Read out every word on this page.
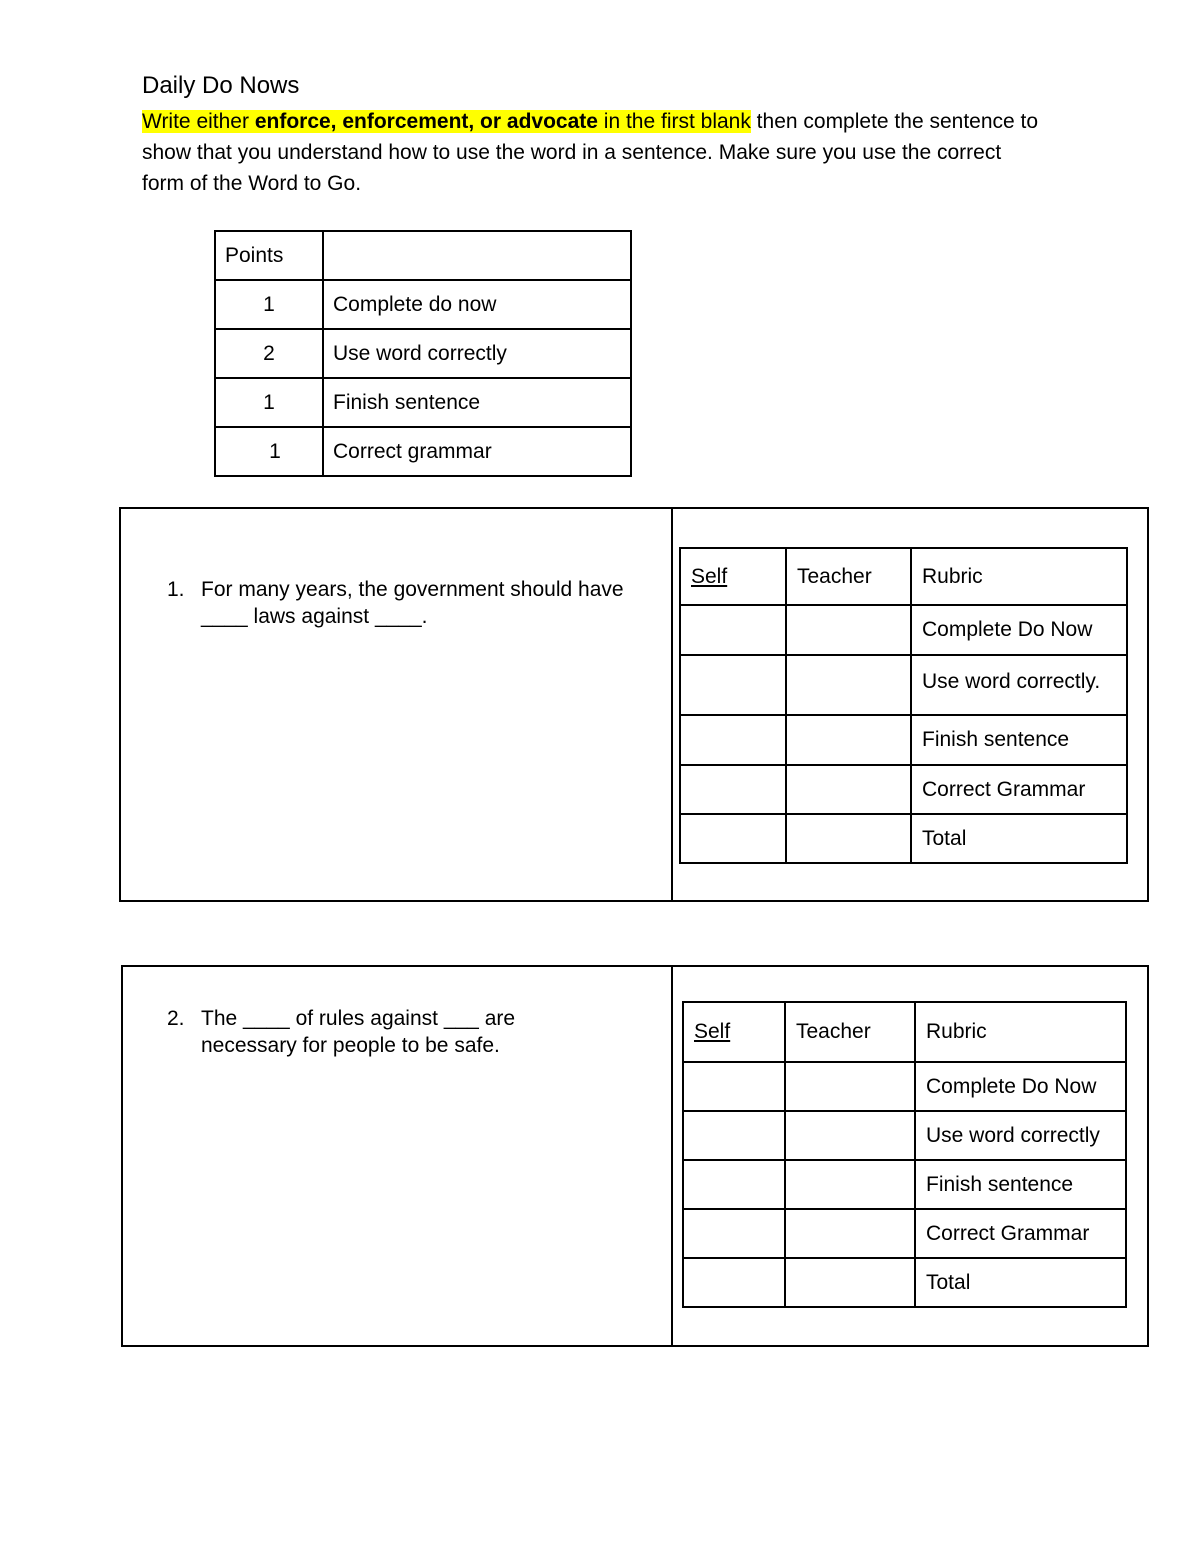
Daily Do Nows
Write either enforce, enforcement, or advocate in the first blank then complete the sentence to show that you understand how to use the word in a sentence. Make sure you use the correct form of the Word to Go.
Points	
1	Complete do now
2	Use word correctly
1	Finish sentence
1	Correct grammar
1. For many years, the government should have ____ laws against ____.
Self	Teacher	Rubric
		Complete Do Now
		Use word correctly.
		Finish sentence
		Correct Grammar
		Total
2. The ____ of rules against ___ are necessary for people to be safe.
Self	Teacher	Rubric
		Complete Do Now
		Use word correctly
		Finish sentence
		Correct Grammar
		Total
